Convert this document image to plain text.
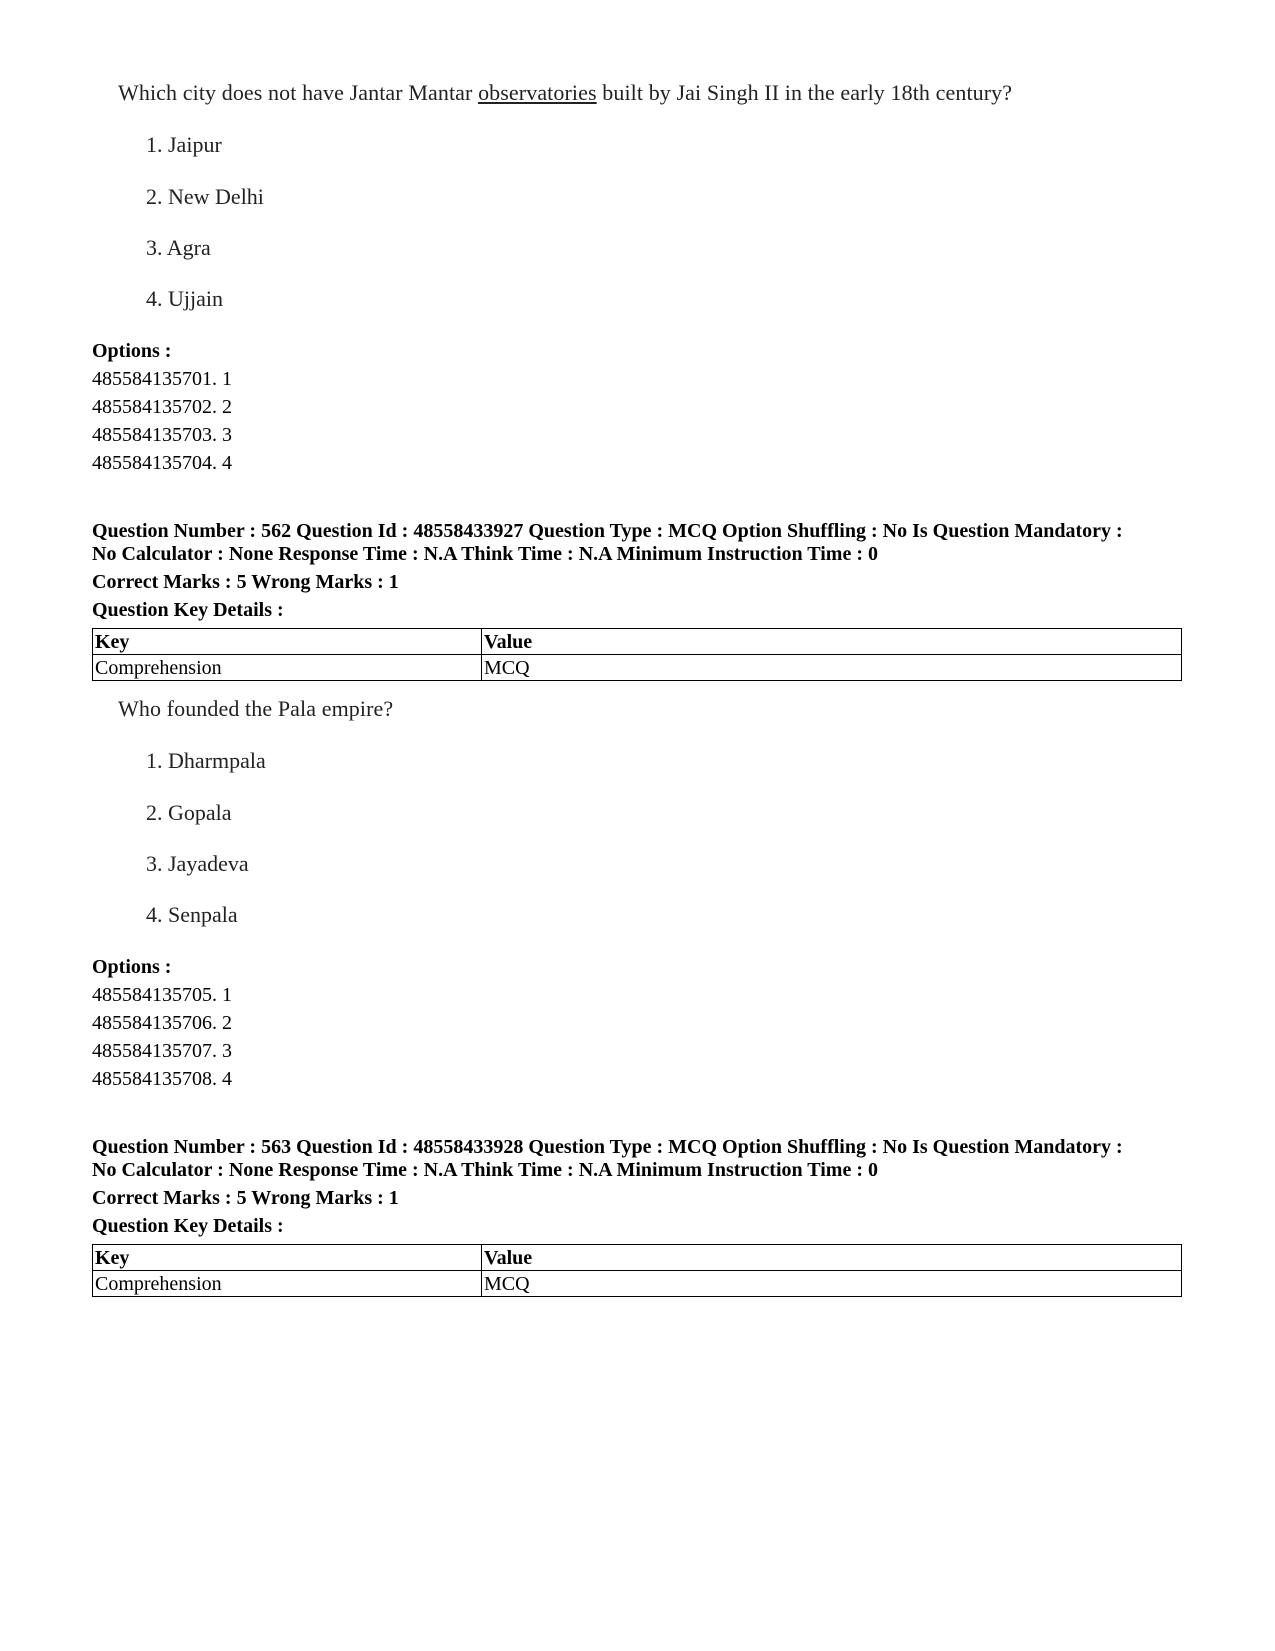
Which city does not have Jantar Mantar observatories built by Jai Singh II in the early 18th century?
1. Jaipur
2. New Delhi
3. Agra
4. Ujjain
Options :
485584135701. 1
485584135702. 2
485584135703. 3
485584135704. 4
Question Number : 562 Question Id : 48558433927 Question Type : MCQ Option Shuffling : No Is Question Mandatory :
No Calculator : None Response Time : N.A Think Time : N.A Minimum Instruction Time : 0
Correct Marks : 5 Wrong Marks : 1
Question Key Details :
Key	Value
Comprehension	MCQ
Who founded the Pala empire?
1. Dharmpala
2. Gopala
3. Jayadeva
4. Senpala
Options :
485584135705. 1
485584135706. 2
485584135707. 3
485584135708. 4
Question Number : 563 Question Id : 48558433928 Question Type : MCQ Option Shuffling : No Is Question Mandatory :
No Calculator : None Response Time : N.A Think Time : N.A Minimum Instruction Time : 0
Correct Marks : 5 Wrong Marks : 1
Question Key Details :
Key	Value
Comprehension	MCQ
